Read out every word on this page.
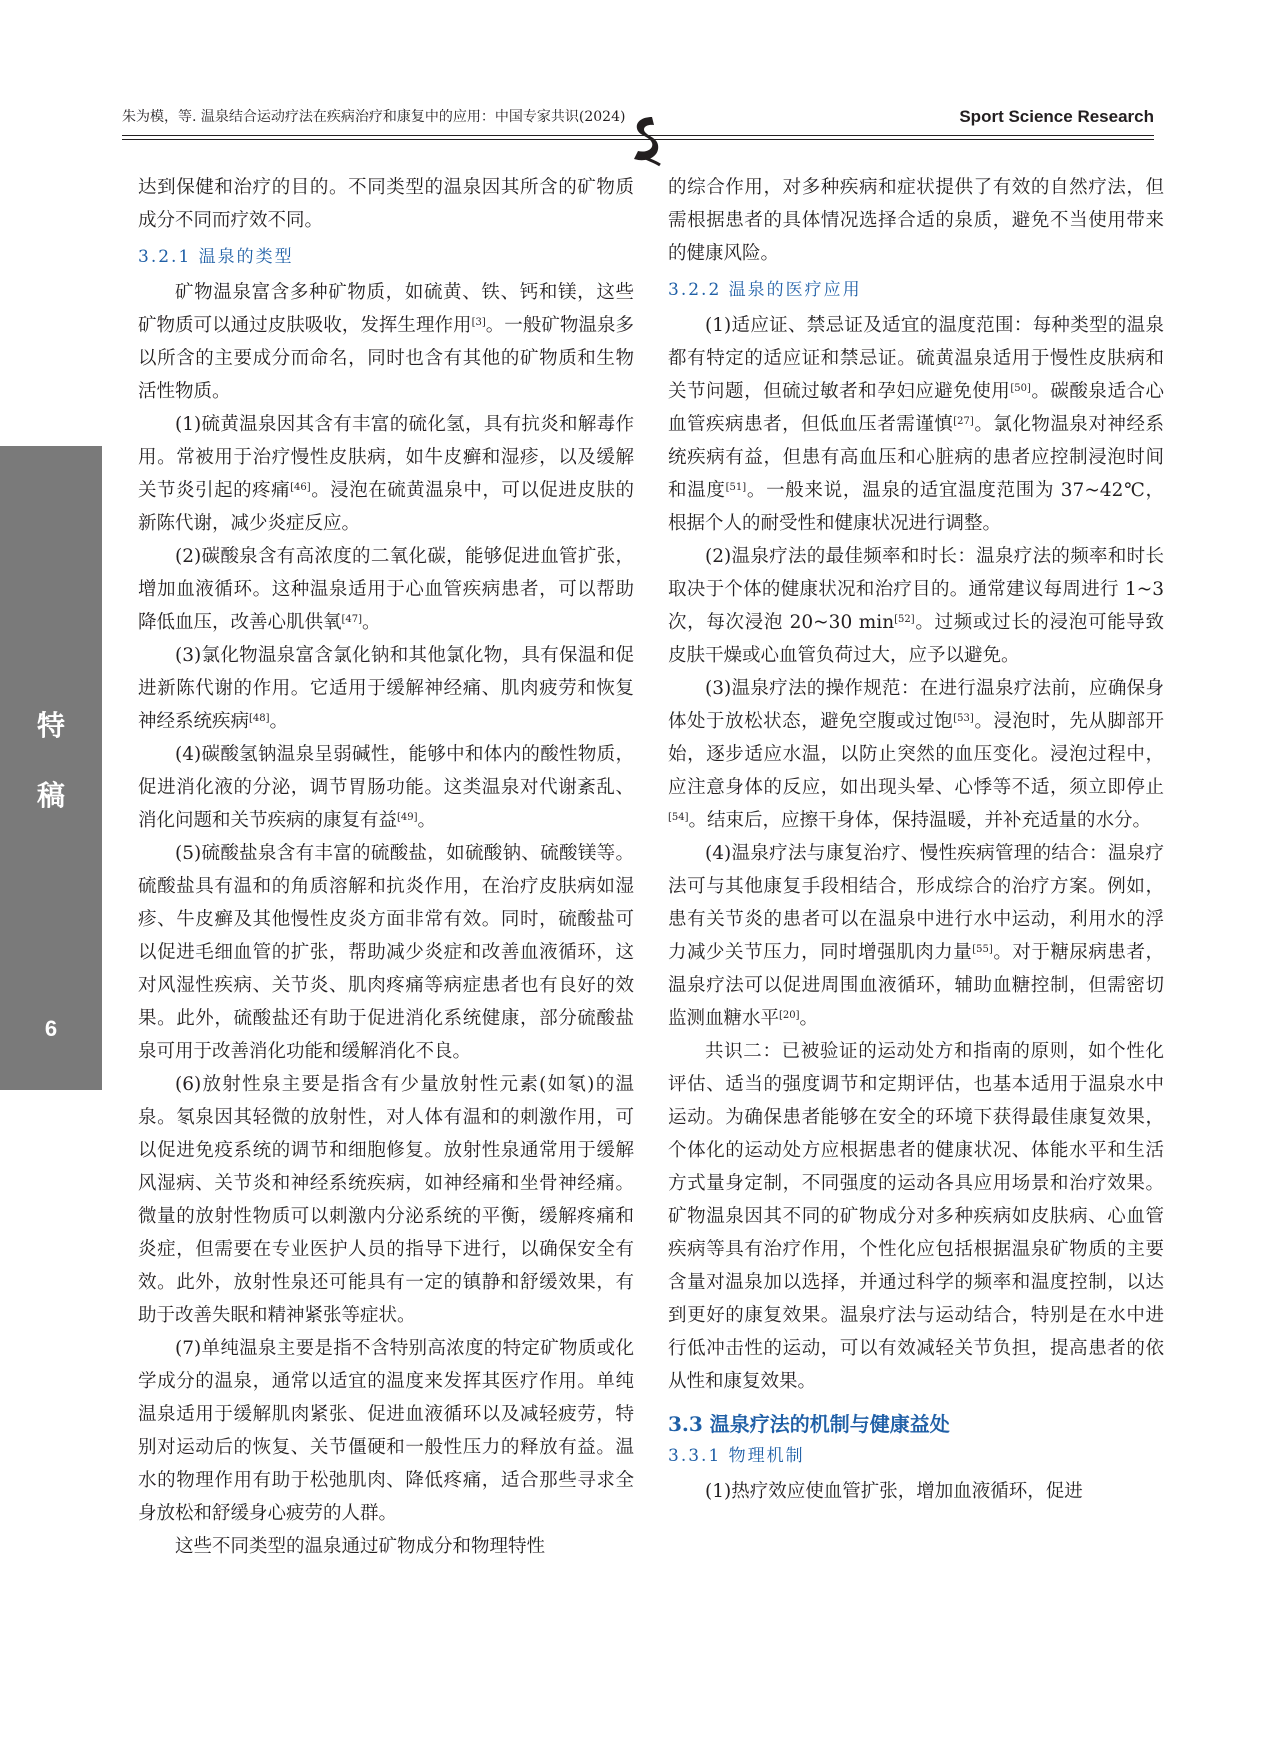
朱为模，等. 温泉结合运动疗法在疾病治疗和康复中的应用：中国专家共识(2024)	Sport Science Research
特
稿
6

达到保健和治疗的目的。不同类型的温泉因其所含的矿物质成分不同而疗效不同。

3.2.1 温泉的类型

矿物温泉富含多种矿物质，如硫黄、铁、钙和镁，这些矿物质可以通过皮肤吸收，发挥生理作用[3]。一般矿物温泉多以所含的主要成分而命名，同时也含有其他的矿物质和生物活性物质。

(1)硫黄温泉因其含有丰富的硫化氢，具有抗炎和解毒作用。常被用于治疗慢性皮肤病，如牛皮癣和湿疹，以及缓解关节炎引起的疼痛[46]。浸泡在硫黄温泉中，可以促进皮肤的新陈代谢，减少炎症反应。

(2)碳酸泉含有高浓度的二氧化碳，能够促进血管扩张，增加血液循环。这种温泉适用于心血管疾病患者，可以帮助降低血压，改善心肌供氧[47]。

(3)氯化物温泉富含氯化钠和其他氯化物，具有保温和促进新陈代谢的作用。它适用于缓解神经痛、肌肉疲劳和恢复神经系统疾病[48]。

(4)碳酸氢钠温泉呈弱碱性，能够中和体内的酸性物质，促进消化液的分泌，调节胃肠功能。这类温泉对代谢紊乱、消化问题和关节疾病的康复有益[49]。

(5)硫酸盐泉含有丰富的硫酸盐，如硫酸钠、硫酸镁等。硫酸盐具有温和的角质溶解和抗炎作用，在治疗皮肤病如湿疹、牛皮癣及其他慢性皮炎方面非常有效。同时，硫酸盐可以促进毛细血管的扩张，帮助减少炎症和改善血液循环，这对风湿性疾病、关节炎、肌肉疼痛等病症患者也有良好的效果。此外，硫酸盐还有助于促进消化系统健康，部分硫酸盐泉可用于改善消化功能和缓解消化不良。

(6)放射性泉主要是指含有少量放射性元素(如氡)的温泉。氡泉因其轻微的放射性，对人体有温和的刺激作用，可以促进免疫系统的调节和细胞修复。放射性泉通常用于缓解风湿病、关节炎和神经系统疾病，如神经痛和坐骨神经痛。微量的放射性物质可以刺激内分泌系统的平衡，缓解疼痛和炎症，但需要在专业医护人员的指导下进行，以确保安全有效。此外，放射性泉还可能具有一定的镇静和舒缓效果，有助于改善失眠和精神紧张等症状。

(7)单纯温泉主要是指不含特别高浓度的特定矿物质或化学成分的温泉，通常以适宜的温度来发挥其医疗作用。单纯温泉适用于缓解肌肉紧张、促进血液循环以及减轻疲劳，特别对运动后的恢复、关节僵硬和一般性压力的释放有益。温水的物理作用有助于松弛肌肉、降低疼痛，适合那些寻求全身放松和舒缓身心疲劳的人群。

这些不同类型的温泉通过矿物成分和物理特性

的综合作用，对多种疾病和症状提供了有效的自然疗法，但需根据患者的具体情况选择合适的泉质，避免不当使用带来的健康风险。

3.2.2 温泉的医疗应用

(1)适应证、禁忌证及适宜的温度范围：每种类型的温泉都有特定的适应证和禁忌证。硫黄温泉适用于慢性皮肤病和关节问题，但硫过敏者和孕妇应避免使用[50]。碳酸泉适合心血管疾病患者，但低血压者需谨慎[27]。氯化物温泉对神经系统疾病有益，但患有高血压和心脏病的患者应控制浸泡时间和温度[51]。一般来说，温泉的适宜温度范围为 37~42℃，根据个人的耐受性和健康状况进行调整。

(2)温泉疗法的最佳频率和时长：温泉疗法的频率和时长取决于个体的健康状况和治疗目的。通常建议每周进行 1~3 次，每次浸泡 20~30 min[52]。过频或过长的浸泡可能导致皮肤干燥或心血管负荷过大，应予以避免。

(3)温泉疗法的操作规范：在进行温泉疗法前，应确保身体处于放松状态，避免空腹或过饱[53]。浸泡时，先从脚部开始，逐步适应水温，以防止突然的血压变化。浸泡过程中，应注意身体的反应，如出现头晕、心悸等不适，须立即停止[54]。结束后，应擦干身体，保持温暖，并补充适量的水分。

(4)温泉疗法与康复治疗、慢性疾病管理的结合：温泉疗法可与其他康复手段相结合，形成综合的治疗方案。例如，患有关节炎的患者可以在温泉中进行水中运动，利用水的浮力减少关节压力，同时增强肌肉力量[55]。对于糖尿病患者，温泉疗法可以促进周围血液循环，辅助血糖控制，但需密切监测血糖水平[20]。

共识二：已被验证的运动处方和指南的原则，如个性化评估、适当的强度调节和定期评估，也基本适用于温泉水中运动。为确保患者能够在安全的环境下获得最佳康复效果，个体化的运动处方应根据患者的健康状况、体能水平和生活方式量身定制，不同强度的运动各具应用场景和治疗效果。矿物温泉因其不同的矿物成分对多种疾病如皮肤病、心血管疾病等具有治疗作用，个性化应包括根据温泉矿物质的主要含量对温泉加以选择，并通过科学的频率和温度控制，以达到更好的康复效果。温泉疗法与运动结合，特别是在水中进行低冲击性的运动，可以有效减轻关节负担，提高患者的依从性和康复效果。

3.3 温泉疗法的机制与健康益处
3.3.1 物理机制

(1)热疗效应使血管扩张，增加血液循环，促进
